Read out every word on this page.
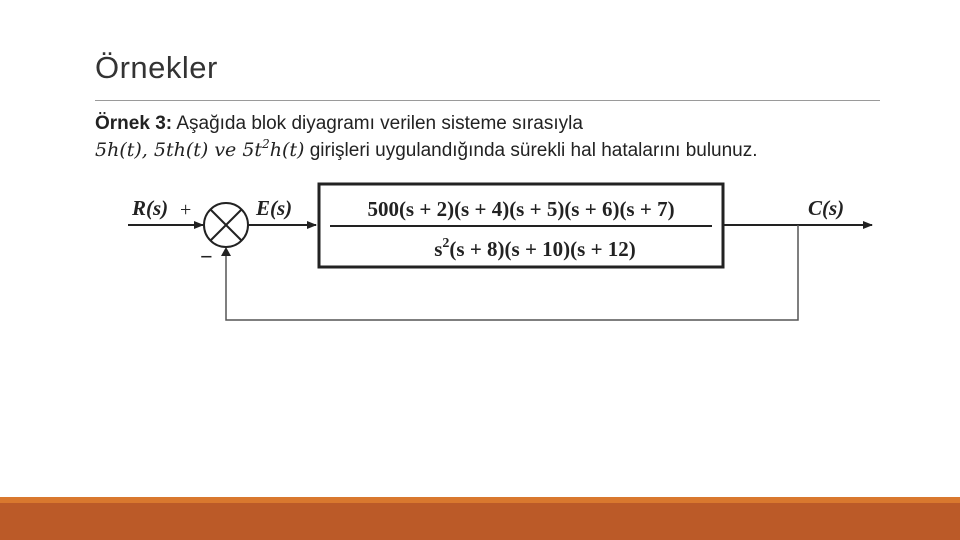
Örnekler
Örnek 3: Aşağıda blok diyagramı verilen sisteme sırasıyla
5h(t), 5th(t) ve $5t^2h(t)$ girişleri uygulandığında sürekli hal hatalarını bulunuz.
500(s + 2)(s + 4)(s + 5)(s + 6)(s + 7)
$s^2(s + 8)(s + 10)(s + 12)$
R(s) +
−
E(s)	C(s)
